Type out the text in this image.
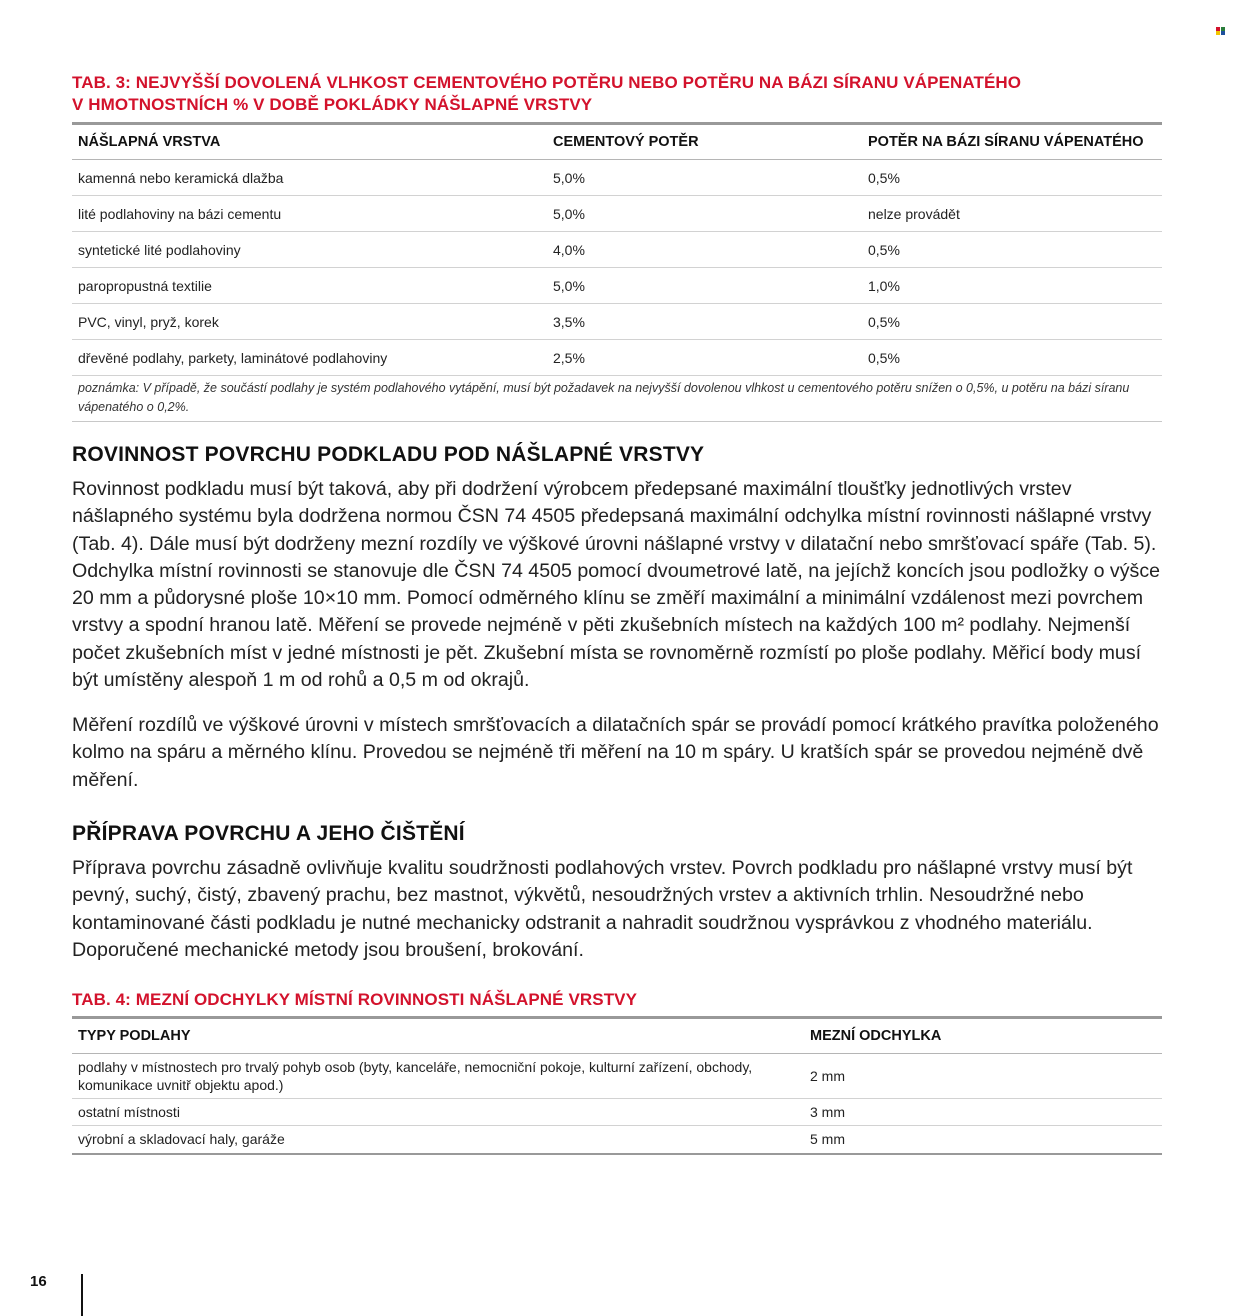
TAB. 3: NEJVYŠŠÍ DOVOLENÁ VLHKOST CEMENTOVÉHO POTĚRU NEBO POTĚRU NA BÁZI SÍRANU VÁPENATÉHO
V HMOTNOSTNÍCH % V DOBĚ POKLÁDKY NÁŠLAPNÉ VRSTVY

NÁŠLAPNÁ VRSTVA	CEMENTOVÝ POTĚR	POTĚR NA BÁZI SÍRANU VÁPENATÉHO
kamenná nebo keramická dlažba	5,0%	0,5%
lité podlahoviny na bázi cementu	5,0%	nelze provádět
syntetické lité podlahoviny	4,0%	0,5%
paropropustná textilie	5,0%	1,0%
PVC, vinyl, pryž, korek	3,5%	0,5%
dřevěné podlahy, parkety, laminátové podlahoviny	2,5%	0,5%
poznámka: V případě, že součástí podlahy je systém podlahového vytápění, musí být požadavek na nejvyšší dovolenou vlhkost u cementového potěru snížen o 0,5%, u potěru na bázi síranu vápenatého o 0,2%.		
ROVINNOST POVRCHU PODKLADU POD NÁŠLAPNÉ VRSTVY

Rovinnost podkladu musí být taková, aby při dodržení výrobcem předepsané maximální tloušťky jednotlivých vrstev nášlapného systému byla dodržena normou ČSN 74 4505 předepsaná maximální odchylka místní rovinnosti nášlapné vrstvy (Tab. 4). Dále musí být dodrženy mezní rozdíly ve výškové úrovni nášlapné vrstvy v dilatační nebo smršťovací spáře (Tab. 5). Odchylka místní rovinnosti se stanovuje dle ČSN 74 4505 pomocí dvoumetrové latě, na jejíchž koncích jsou podložky o výšce 20 mm a půdorysné ploše 10×10 mm. Pomocí odměrného klínu se změří maximální a minimální vzdálenost mezi povrchem vrstvy a spodní hranou latě. Měření se provede nejméně v pěti zkušebních místech na každých 100 m² podlahy. Nejmenší počet zkušebních míst v jedné místnosti je pět. Zkušební místa se rovnoměrně rozmístí po ploše podlahy. Měřicí body musí být umístěny alespoň 1 m od rohů a 0,5 m od okrajů.

Měření rozdílů ve výškové úrovni v místech smršťovacích a dilatačních spár se provádí pomocí krátkého pravítka položeného kolmo na spáru a měrného klínu. Provedou se nejméně tři měření na 10 m spáry. U kratších spár se provedou nejméně dvě měření.

PŘÍPRAVA POVRCHU A JEHO ČIŠTĚNÍ

Příprava povrchu zásadně ovlivňuje kvalitu soudržnosti podlahových vrstev. Povrch podkladu pro nášlapné vrstvy musí být pevný, suchý, čistý, zbavený prachu, bez mastnot, výkvětů, nesoudržných vrstev a aktivních trhlin. Nesoudržné nebo kontaminované části podkladu je nutné mechanicky odstranit a nahradit soudržnou vysprávkou z vhodného materiálu. Doporučené mechanické metody jsou broušení, brokování.

TAB. 4: MEZNÍ ODCHYLKY MÍSTNÍ ROVINNOSTI NÁŠLAPNÉ VRSTVY

TYPY PODLAHY	MEZNÍ ODCHYLKA
podlahy v místnostech pro trvalý pohyb osob (byty, kanceláře, nemocniční pokoje, kulturní zařízení, obchody, komunikace uvnitř objektu apod.)	2 mm
ostatní místnosti	3 mm
výrobní a skladovací haly, garáže	5 mm
16
